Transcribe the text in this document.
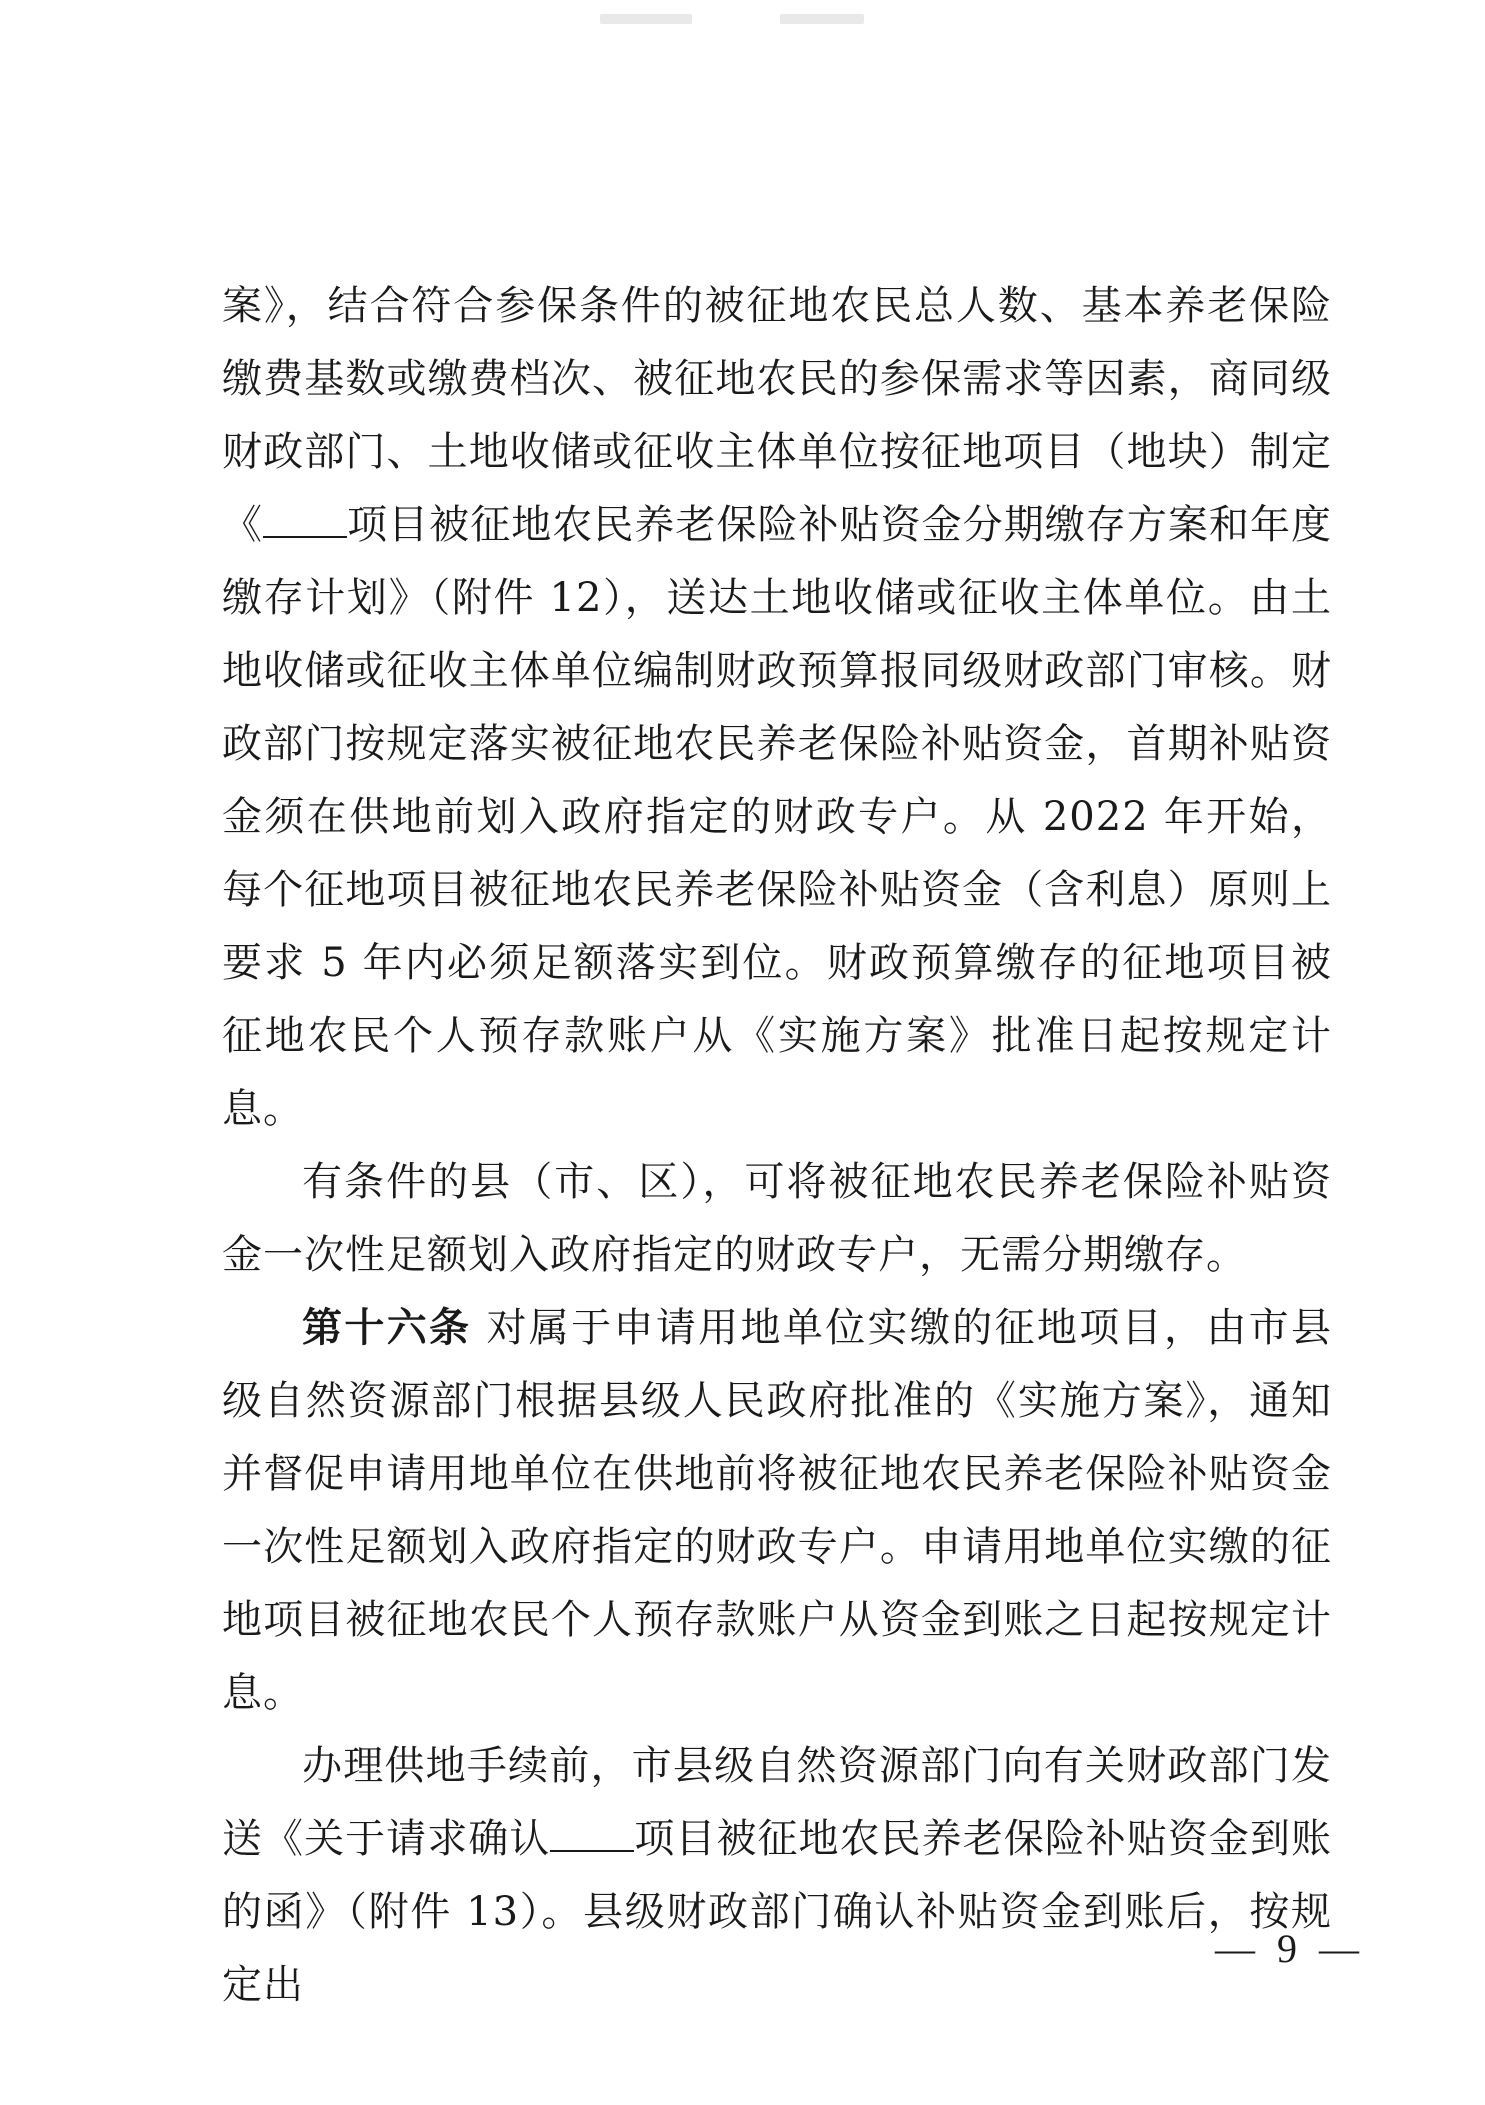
案》，结合符合参保条件的被征地农民总人数、基本养老保险缴费基数或缴费档次、被征地农民的参保需求等因素，商同级财政部门、土地收储或征收主体单位按征地项目（地块）制定《 项目被征地农民养老保险补贴资金分期缴存方案和年度缴存计划》（附件 12），送达土地收储或征收主体单位。由土地收储或征收主体单位编制财政预算报同级财政部门审核。财政部门按规定落实被征地农民养老保险补贴资金，首期补贴资金须在供地前划入政府指定的财政专户。从 2022 年开始，每个征地项目被征地农民养老保险补贴资金（含利息）原则上要求 5 年内必须足额落实到位。财政预算缴存的征地项目被征地农民个人预存款账户从《实施方案》批准日起按规定计息。

有条件的县（市、区），可将被征地农民养老保险补贴资金一次性足额划入政府指定的财政专户，无需分期缴存。

第十六条 对属于申请用地单位实缴的征地项目，由市县级自然资源部门根据县级人民政府批准的《实施方案》，通知并督促申请用地单位在供地前将被征地农民养老保险补贴资金一次性足额划入政府指定的财政专户。申请用地单位实缴的征地项目被征地农民个人预存款账户从资金到账之日起按规定计息。

办理供地手续前，市县级自然资源部门向有关财政部门发送《关于请求确认 项目被征地农民养老保险补贴资金到账的函》（附件 13）。县级财政部门确认补贴资金到账后，按规定出

— 9 —
